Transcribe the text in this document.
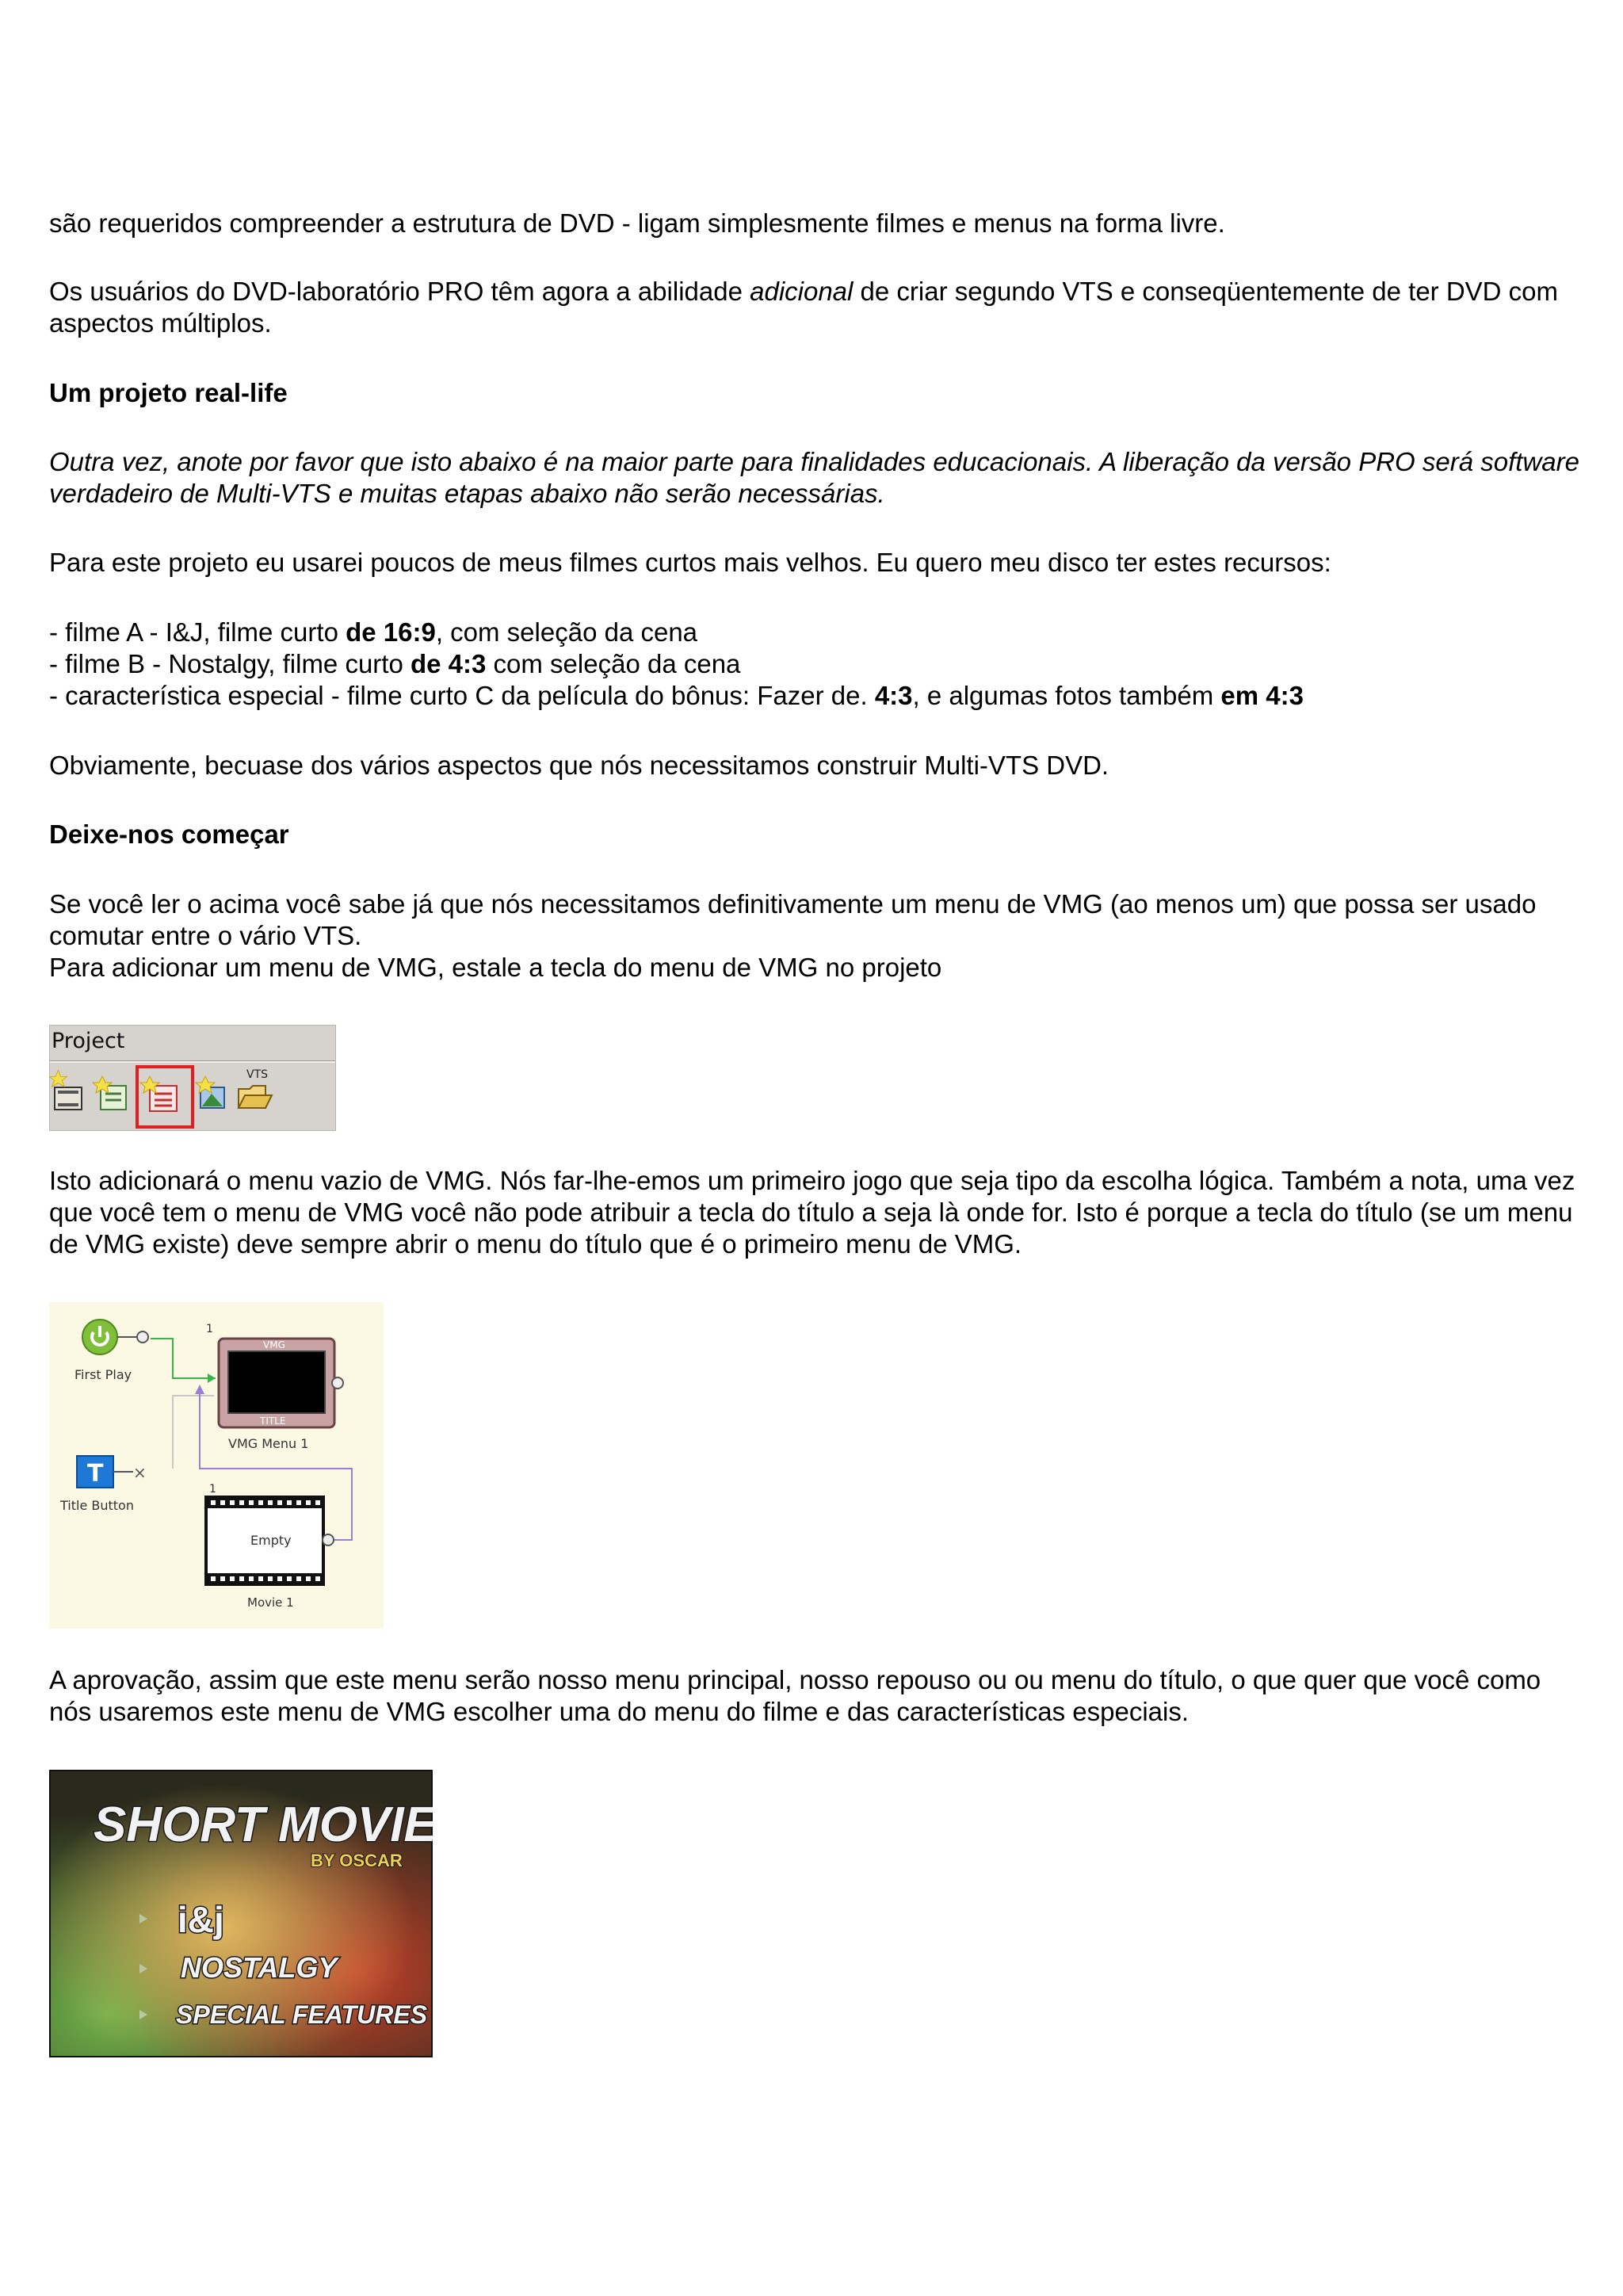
são requeridos compreender a estrutura de DVD - ligam simplesmente filmes e menus na forma livre.
Os usuários do DVD-laboratório PRO têm agora a abilidade adicional de criar segundo VTS e conseqüentemente de ter DVD com aspectos múltiplos.
Um projeto real-life
Outra vez, anote por favor que isto abaixo é na maior parte para finalidades educacionais. A liberação da versão PRO será software verdadeiro de Multi-VTS e muitas etapas abaixo não serão necessárias.
Para este projeto eu usarei poucos de meus filmes curtos mais velhos. Eu quero meu disco ter estes recursos:
- filme A - I&J, filme curto de 16:9, com seleção da cena
- filme B - Nostalgy, filme curto de 4:3 com seleção da cena
- característica especial - filme curto C da película do bônus: Fazer de. 4:3, e algumas fotos também em 4:3
Obviamente, becuase dos vários aspectos que nós necessitamos construir Multi-VTS DVD.
Deixe-nos começar
Se você ler o acima você sabe já que nós necessitamos definitivamente um menu de VMG (ao menos um) que possa ser usado comutar entre o vário VTS.
Para adicionar um menu de VMG, estale a tecla do menu de VMG no projeto
Project
VTS
Isto adicionará o menu vazio de VMG. Nós far-lhe-emos um primeiro jogo que seja tipo da escolha lógica. Também a nota, uma vez que você tem o menu de VMG você não pode atribuir a tecla do título a seja là onde for. Isto é porque a tecla do título (se um menu de VMG existe) deve sempre abrir o menu do título que é o primeiro menu de VMG.
First Play
T ×
Title Button
1
VMG
TITLE
VMG Menu 1
1
Empty
Movie 1
A aprovação, assim que este menu serão nosso menu principal, nosso repouso ou ou menu do título, o que quer que você como nós usaremos este menu de VMG escolher uma do menu do filme e das características especiais.
SHORT MOVIES
BY OSCAR
i&j
NOSTALGY
SPECIAL FEATURES
